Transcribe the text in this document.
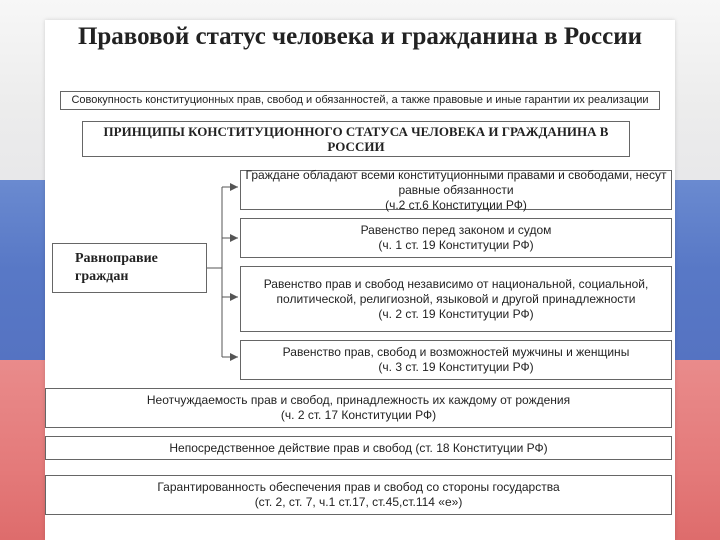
Правовой статус человека и гражданина в России
Совокупность конституционных прав, свобод и обязанностей, а также правовые и иные гарантии их реализации
ПРИНЦИПЫ КОНСТИТУЦИОННОГО СТАТУСА ЧЕЛОВЕКА И ГРАЖДАНИНА В РОССИИ
Равноправие граждан
Граждане обладают всеми конституционными правами и свободами, несут равные обязанности
(ч.2 ст.6 Конституции РФ)
Равенство перед законом и судом
(ч. 1 ст. 19 Конституции РФ)
Равенство прав и свобод независимо от национальной, социальной, политической, религиозной, языковой и другой принадлежности
(ч. 2 ст. 19 Конституции РФ)
Равенство прав, свобод и возможностей мужчины и женщины
(ч. 3 ст. 19 Конституции РФ)
Неотчуждаемость прав и свобод, принадлежность их каждому от рождения
(ч. 2 ст. 17 Конституции РФ)
Непосредственное действие прав и свобод (ст. 18 Конституции РФ)
Гарантированность обеспечения прав и свобод со стороны государства
(ст. 2, ст. 7, ч.1 ст.17, ст.45,ст.114 «е»)
